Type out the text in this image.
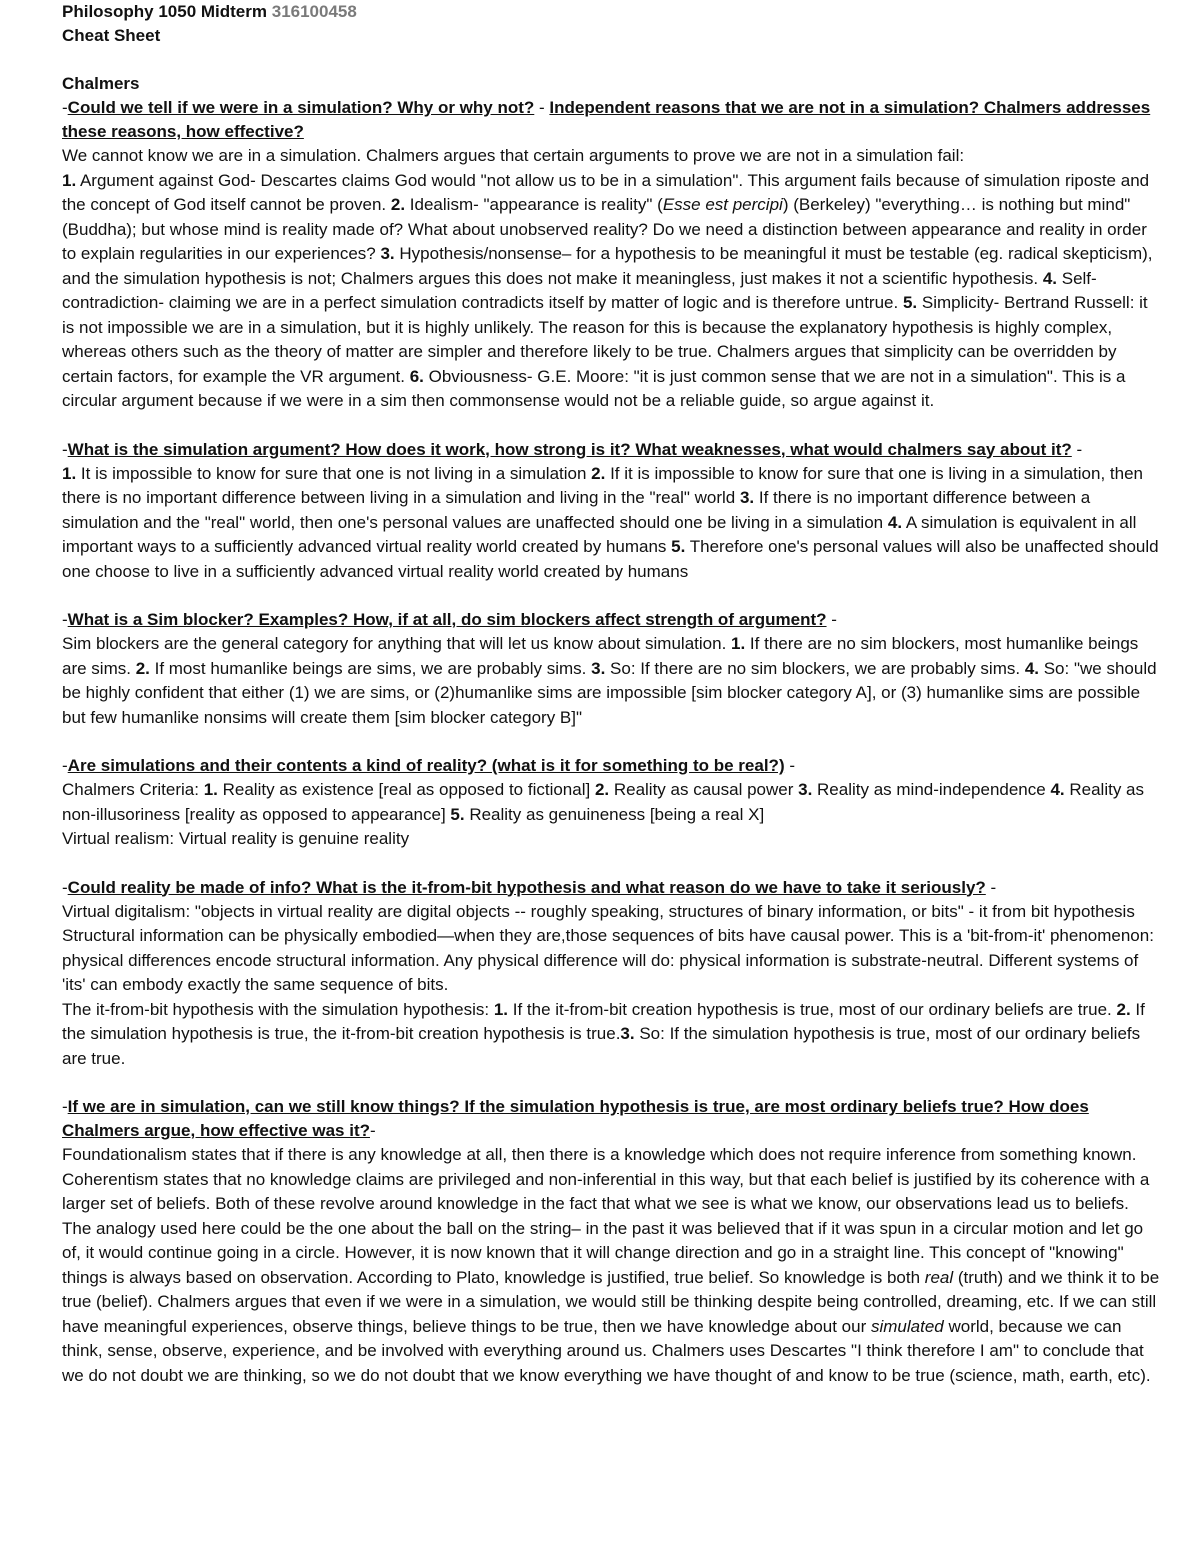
Philosophy 1050 Midterm 316100458
Cheat Sheet
Chalmers
-Could we tell if we were in a simulation? Why or why not? - Independent reasons that we are not in a simulation? Chalmers addresses these reasons, how effective?

We cannot know we are in a simulation. Chalmers argues that certain arguments to prove we are not in a simulation fail:

1. Argument against God- Descartes claims God would "not allow us to be in a simulation". This argument fails because of simulation riposte and the concept of God itself cannot be proven. 2. Idealism- "appearance is reality" (Esse est percipi) (Berkeley) "everything… is nothing but mind" (Buddha); but whose mind is reality made of? What about unobserved reality? Do we need a distinction between appearance and reality in order to explain regularities in our experiences? 3. Hypothesis/nonsense– for a hypothesis to be meaningful it must be testable (eg. radical skepticism), and the simulation hypothesis is not; Chalmers argues this does not make it meaningless, just makes it not a scientific hypothesis. 4. Self-contradiction- claiming we are in a perfect simulation contradicts itself by matter of logic and is therefore untrue. 5. Simplicity- Bertrand Russell: it is not impossible we are in a simulation, but it is highly unlikely. The reason for this is because the explanatory hypothesis is highly complex, whereas others such as the theory of matter are simpler and therefore likely to be true. Chalmers argues that simplicity can be overridden by certain factors, for example the VR argument. 6. Obviousness- G.E. Moore: "it is just common sense that we are not in a simulation". This is a circular argument because if we were in a sim then commonsense would not be a reliable guide, so argue against it.

-What is the simulation argument? How does it work, how strong is it? What weaknesses, what would chalmers say about it? -

1. It is impossible to know for sure that one is not living in a simulation 2. If it is impossible to know for sure that one is living in a simulation, then there is no important difference between living in a simulation and living in the "real" world 3. If there is no important difference between a simulation and the "real" world, then one's personal values are unaffected should one be living in a simulation 4. A simulation is equivalent in all important ways to a sufficiently advanced virtual reality world created by humans 5. Therefore one's personal values will also be unaffected should one choose to live in a sufficiently advanced virtual reality world created by humans

-What is a Sim blocker? Examples? How, if at all, do sim blockers affect strength of argument? -

Sim blockers are the general category for anything that will let us know about simulation. 1. If there are no sim blockers, most humanlike beings are sims. 2. If most humanlike beings are sims, we are probably sims. 3. So: If there are no sim blockers, we are probably sims. 4. So: "we should be highly confident that either (1) we are sims, or (2)humanlike sims are impossible [sim blocker category A], or (3) humanlike sims are possible but few humanlike nonsims will create them [sim blocker category B]"

-Are simulations and their contents a kind of reality? (what is it for something to be real?) -

Chalmers Criteria: 1. Reality as existence [real as opposed to fictional] 2. Reality as causal power 3. Reality as mind-independence 4. Reality as non-illusoriness [reality as opposed to appearance] 5. Reality as genuineness [being a real X]

Virtual realism: Virtual reality is genuine reality

-Could reality be made of info? What is the it-from-bit hypothesis and what reason do we have to take it seriously? -

Virtual digitalism: "objects in virtual reality are digital objects -- roughly speaking, structures of binary information, or bits" - it from bit hypothesis

Structural information can be physically embodied—when they are,those sequences of bits have causal power. This is a 'bit-from-it' phenomenon: physical differences encode structural information. Any physical difference will do: physical information is substrate-neutral. Different systems of 'its' can embody exactly the same sequence of bits.

The it-from-bit hypothesis with the simulation hypothesis: 1. If the it-from-bit creation hypothesis is true, most of our ordinary beliefs are true. 2. If the simulation hypothesis is true, the it-from-bit creation hypothesis is true.3. So: If the simulation hypothesis is true, most of our ordinary beliefs are true.

-If we are in simulation, can we still know things? If the simulation hypothesis is true, are most ordinary beliefs true? How does Chalmers argue, how effective was it?-

Foundationalism states that if there is any knowledge at all, then there is a knowledge which does not require inference from something known. Coherentism states that no knowledge claims are privileged and non-inferential in this way, but that each belief is justified by its coherence with a larger set of beliefs. Both of these revolve around knowledge in the fact that what we see is what we know, our observations lead us to beliefs. The analogy used here could be the one about the ball on the string– in the past it was believed that if it was spun in a circular motion and let go of, it would continue going in a circle. However, it is now known that it will change direction and go in a straight line. This concept of "knowing" things is always based on observation. According to Plato, knowledge is justified, true belief. So knowledge is both real (truth) and we think it to be true (belief). Chalmers argues that even if we were in a simulation, we would still be thinking despite being controlled, dreaming, etc. If we can still have meaningful experiences, observe things, believe things to be true, then we have knowledge about our simulated world, because we can think, sense, observe, experience, and be involved with everything around us. Chalmers uses Descartes "I think therefore I am" to conclude that we do not doubt we are thinking, so we do not doubt that we know everything we have thought of and know to be true (science, math, earth, etc).
